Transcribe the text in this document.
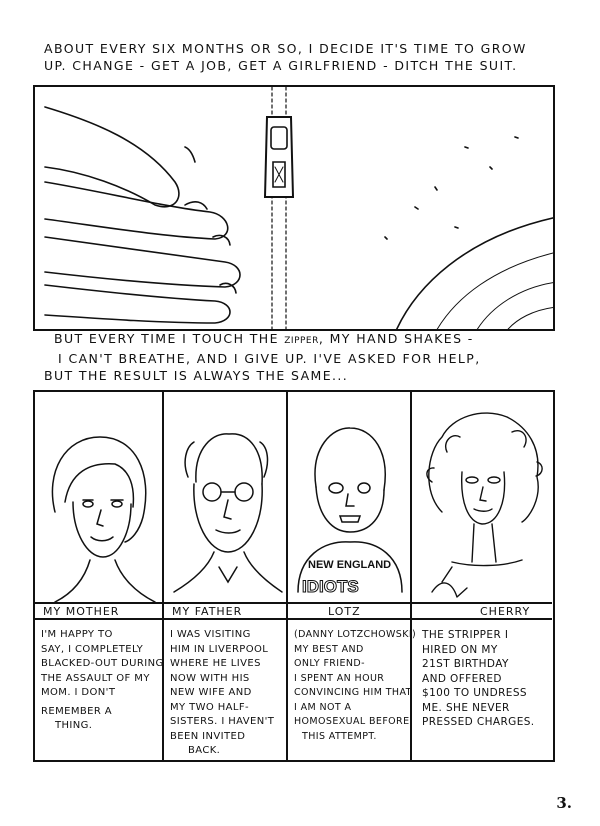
ABOUT EVERY SIX MONTHS OR SO, I DECIDE IT'S TIME TO GROW
UP. CHANGE - GET A JOB, GET A GIRLFRIEND - DITCH THE SUIT.
BUT EVERY TIME I TOUCH THE ZIPPER, MY HAND SHAKES -
I CAN'T BREATHE, AND I GIVE UP. I'VE ASKED FOR HELP,
BUT THE RESULT IS ALWAYS THE SAME...
MY MOTHER
I'M HAPPY TO
SAY, I COMPLETELY
BLACKED-OUT DURING
THE ASSAULT OF MY
MOM. I DON'T
REMEMBER A
THING.
MY FATHER
I WAS VISITING
HIM IN LIVERPOOL
WHERE HE LIVES
NOW WITH HIS
NEW WIFE AND
MY TWO HALF-
SISTERS. I HAVEN'T
BEEN INVITED
BACK.
NEW ENGLAND
IDIOTS
LOTZ
(DANNY LOTZCHOWSKI)
MY BEST AND
ONLY FRIEND-
I SPENT AN HOUR
CONVINCING HIM THAT
I AM NOT A
HOMOSEXUAL BEFORE
THIS ATTEMPT.
CHERRY
THE STRIPPER I
HIRED ON MY
21ST BIRTHDAY
AND OFFERED
$100 TO UNDRESS
ME. SHE NEVER
PRESSED CHARGES.
3.
